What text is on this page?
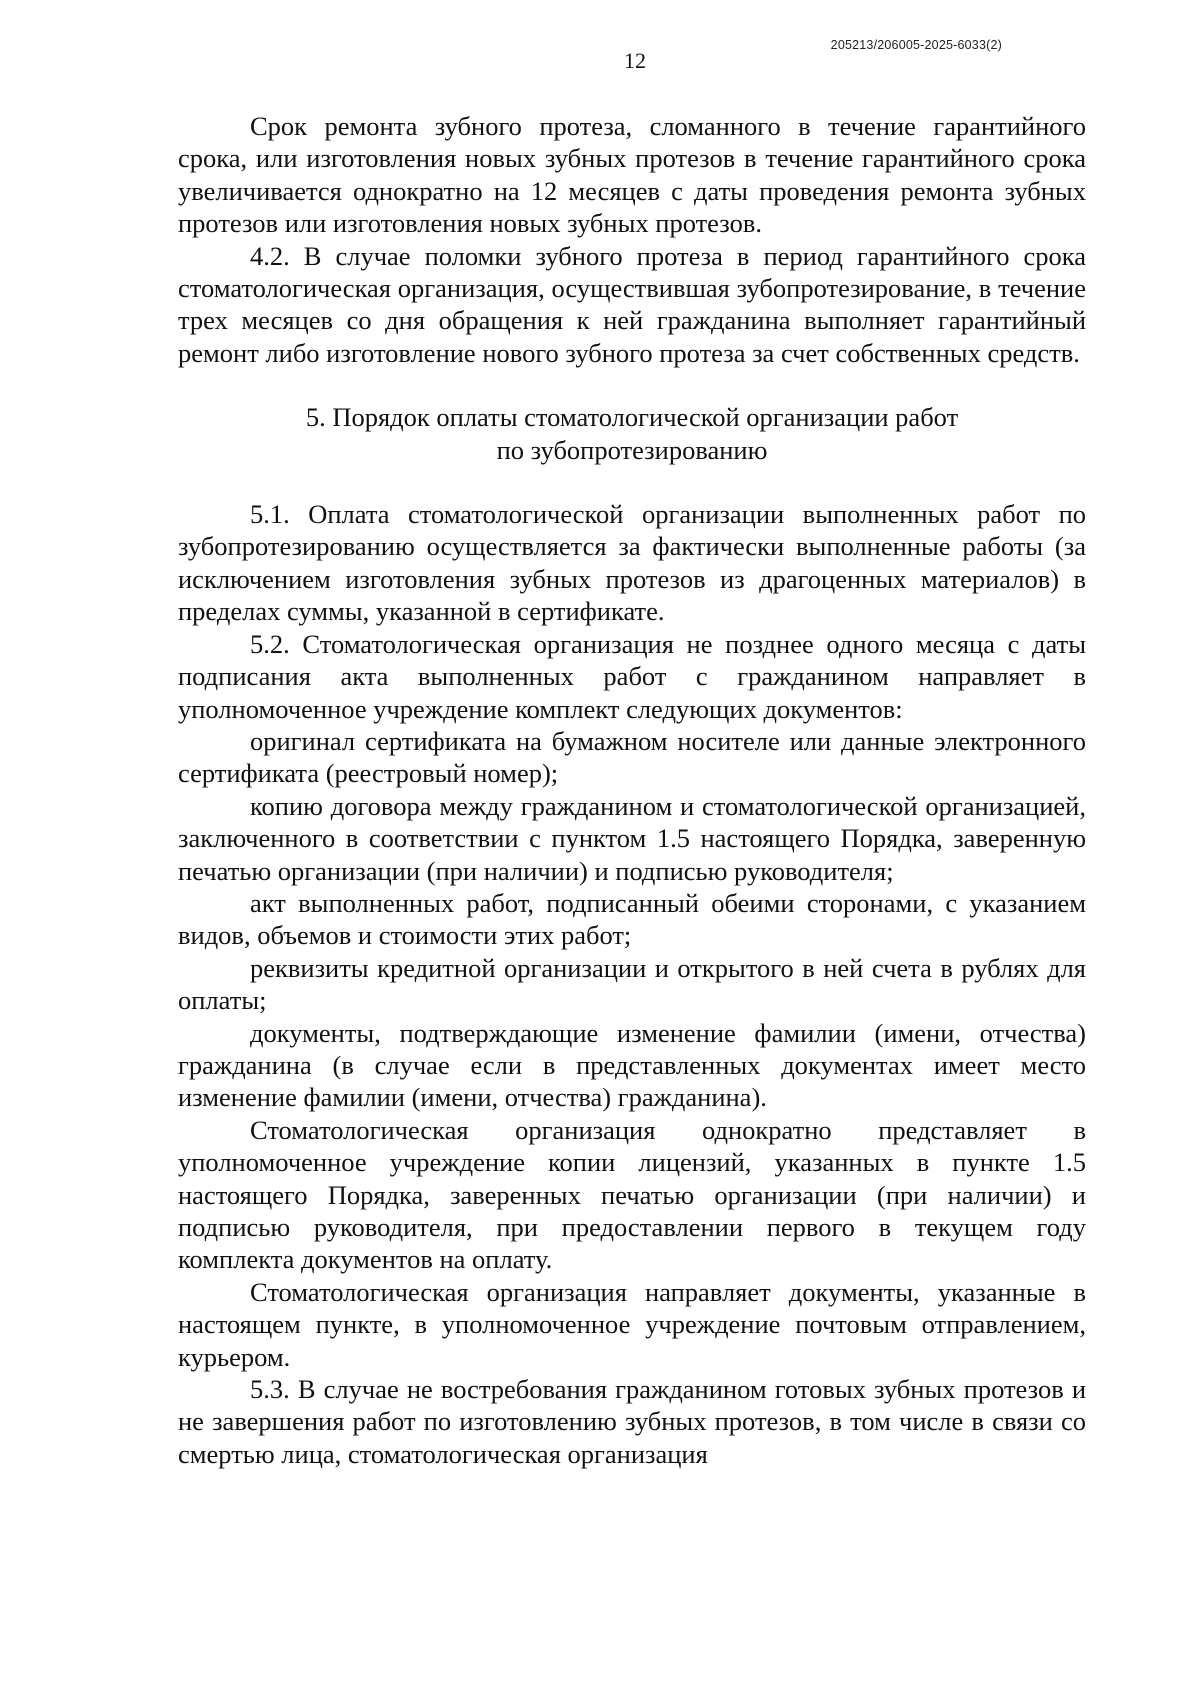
205213/206005-2025-6033(2)
12

Срок ремонта зубного протеза, сломанного в течение гарантийного срока, или изготовления новых зубных протезов в течение гарантийного срока увеличивается однократно на 12 месяцев с даты проведения ремонта зубных протезов или изготовления новых зубных протезов.

4.2. В случае поломки зубного протеза в период гарантийного срока стоматологическая организация, осуществившая зубопротезирование, в течение трех месяцев со дня обращения к ней гражданина выполняет гарантийный ремонт либо изготовление нового зубного протеза за счет собственных средств.

5. Порядок оплаты стоматологической организации работ
по зубопротезированию

5.1. Оплата стоматологической организации выполненных работ по зубопротезированию осуществляется за фактически выполненные работы (за исключением изготовления зубных протезов из драгоценных материалов) в пределах суммы, указанной в сертификате.

5.2. Стоматологическая организация не позднее одного месяца с даты подписания акта выполненных работ с гражданином направляет в уполномоченное учреждение комплект следующих документов:

оригинал сертификата на бумажном носителе или данные электронного сертификата (реестровый номер);

копию договора между гражданином и стоматологической организацией, заключенного в соответствии с пунктом 1.5 настоящего Порядка, заверенную печатью организации (при наличии) и подписью руководителя;

акт выполненных работ, подписанный обеими сторонами, с указанием видов, объемов и стоимости этих работ;

реквизиты кредитной организации и открытого в ней счета в рублях для оплаты;

документы, подтверждающие изменение фамилии (имени, отчества) гражданина (в случае если в представленных документах имеет место изменение фамилии (имени, отчества) гражданина).

Стоматологическая организация однократно представляет в уполномоченное учреждение копии лицензий, указанных в пункте 1.5 настоящего Порядка, заверенных печатью организации (при наличии) и подписью руководителя, при предоставлении первого в текущем году комплекта документов на оплату.

Стоматологическая организация направляет документы, указанные в настоящем пункте, в уполномоченное учреждение почтовым отправлением, курьером.

5.3. В случае не востребования гражданином готовых зубных протезов и не завершения работ по изготовлению зубных протезов, в том числе в связи со смертью лица, стоматологическая организация
